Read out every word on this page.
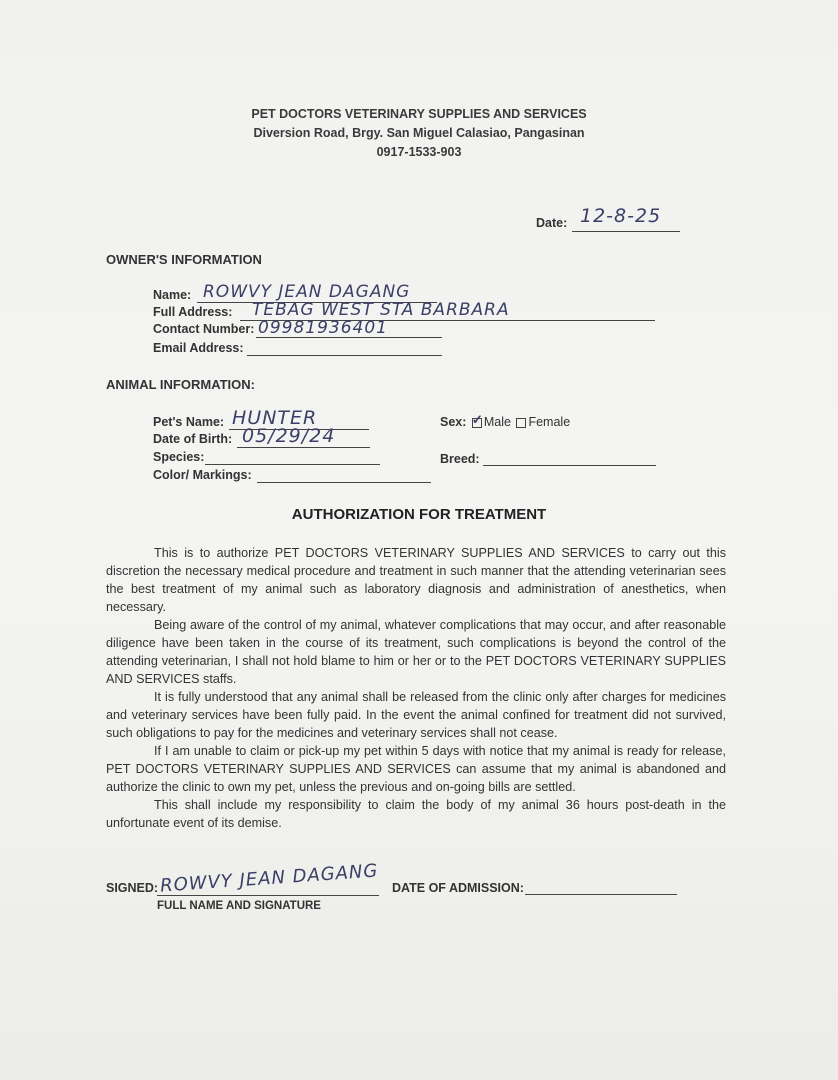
PET DOCTORS VETERINARY SUPPLIES AND SERVICES
Diversion Road, Brgy. San Miguel Calasiao, Pangasinan
0917-1533-903
Date: 12-8-25
OWNER'S INFORMATION
Name: ROWVY JEAN DAGANG
Full Address: TEBAG WEST STA BARBARA
Contact Number: 09981936401
Email Address:
ANIMAL INFORMATION:
Pet's Name: HUNTER
Date of Birth: 05/29/24
Species:
Color/ Markings:
Sex: ✓ Male Female
Breed:
AUTHORIZATION FOR TREATMENT

This is to authorize PET DOCTORS VETERINARY SUPPLIES AND SERVICES to carry out this discretion the necessary medical procedure and treatment in such manner that the attending veterinarian sees the best treatment of my animal such as laboratory diagnosis and administration of anesthetics, when necessary.

Being aware of the control of my animal, whatever complications that may occur, and after reasonable diligence have been taken in the course of its treatment, such complications is beyond the control of the attending veterinarian, I shall not hold blame to him or her or to the PET DOCTORS VETERINARY SUPPLIES AND SERVICES staffs.

It is fully understood that any animal shall be released from the clinic only after charges for medicines and veterinary services have been fully paid. In the event the animal confined for treatment did not survived, such obligations to pay for the medicines and veterinary services shall not cease.

If I am unable to claim or pick-up my pet within 5 days with notice that my animal is ready for release, PET DOCTORS VETERINARY SUPPLIES AND SERVICES can assume that my animal is abandoned and authorize the clinic to own my pet, unless the previous and on-going bills are settled.

This shall include my responsibility to claim the body of my animal 36 hours post-death in the unfortunate event of its demise.

SIGNED: ROWVY JEAN DAGANG
FULL NAME AND SIGNATURE
DATE OF ADMISSION:
